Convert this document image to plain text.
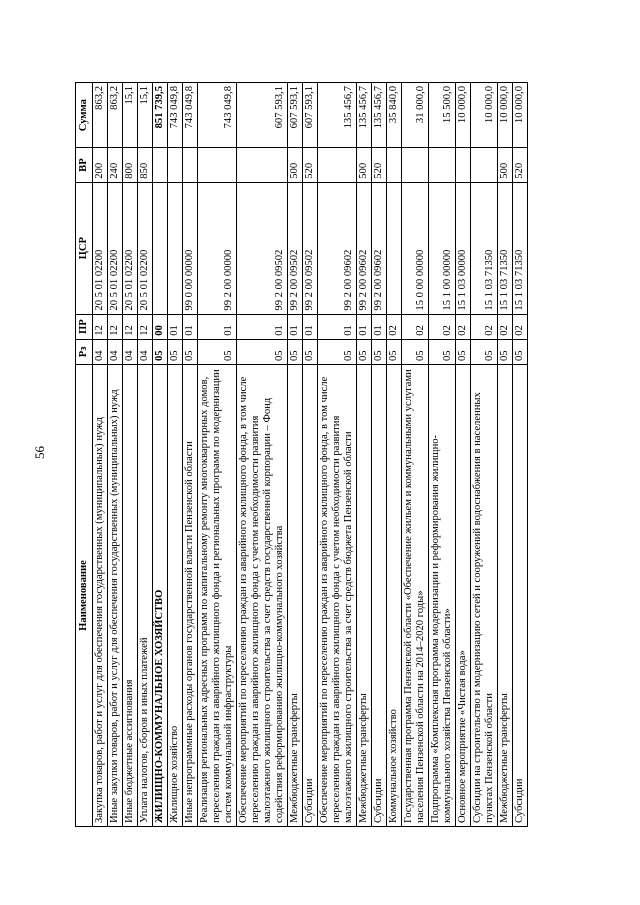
56
Наименование	Рз	ПР	ЦСР	ВР	Сумма
Закупка товаров, работ и услуг для обеспечения государственных (муниципальных) нужд	04	12	20 5 01 02200	200	863,2
Иные закупки товаров, работ и услуг для обеспечения государственных (муниципальных) нужд	04	12	20 5 01 02200	240	863,2
Иные бюджетные ассигнования	04	12	20 5 01 02200	800	15,1
Уплата налогов, сборов и иных платежей	04	12	20 5 01 02200	850	15,1
ЖИЛИЩНО-КОММУНАЛЬНОЕ ХОЗЯЙСТВО	05	00			851 739,5
Жилищное хозяйство	05	01			743 049,8
Иные непрограммные расходы органов государственной власти Пензенской области	05	01	99 0 00 00000		743 049,8
Реализация региональных адресных программ по капитальному ремонту многоквартирных домов, переселению граждан из аварийного жилищного фонда и региональных программ по модернизации систем коммунальной инфраструктуры	05	01	99 2 00 00000		743 049,8
Обеспечение мероприятий по переселению граждан из аварийного жилищного фонда, в том числе переселению граждан из аварийного жилищного фонда с учетом необходимости развития малоэтажного жилищного строительства за счет средств государственной корпорации – Фонд содействия реформированию жилищно-коммунального хозяйства	05	01	99 2 00 09502		607 593,1
Межбюджетные трансферты	05	01	99 2 00 09502	500	607 593,1
Субсидии	05	01	99 2 00 09502	520	607 593,1
Обеспечение мероприятий по переселению граждан из аварийного жилищного фонда, в том числе переселению граждан из аварийного жилищного фонда с учетом необходимости развития малоэтажного жилищного строительства за счет средств бюджета Пензенской области	05	01	99 2 00 09602		135 456,7
Межбюджетные трансферты	05	01	99 2 00 09602	500	135 456,7
Субсидии	05	01	99 2 00 09602	520	135 456,7
Коммунальное хозяйство	05	02			35 840,0
Государственная программа Пензенской области «Обеспечение жильем и коммунальными услугами населения Пензенской области на 2014–2020 годы»	05	02	15 0 00 00000		31 000,0
Подпрограмма «Комплексная программа модернизации и реформирования жилищно-коммунального хозяйства Пензенской области»	05	02	15 1 00 00000		15 500,0
Основное мероприятие «Чистая вода»	05	02	15 1 03 00000		10 000,0
Субсидии на строительство и модернизацию сетей и сооружений водоснабжения в населенных пунктах Пензенской области	05	02	15 1 03 71350		10 000,0
Межбюджетные трансферты	05	02	15 1 03 71350	500	10 000,0
Субсидии	05	02	15 1 03 71350	520	10 000,0
